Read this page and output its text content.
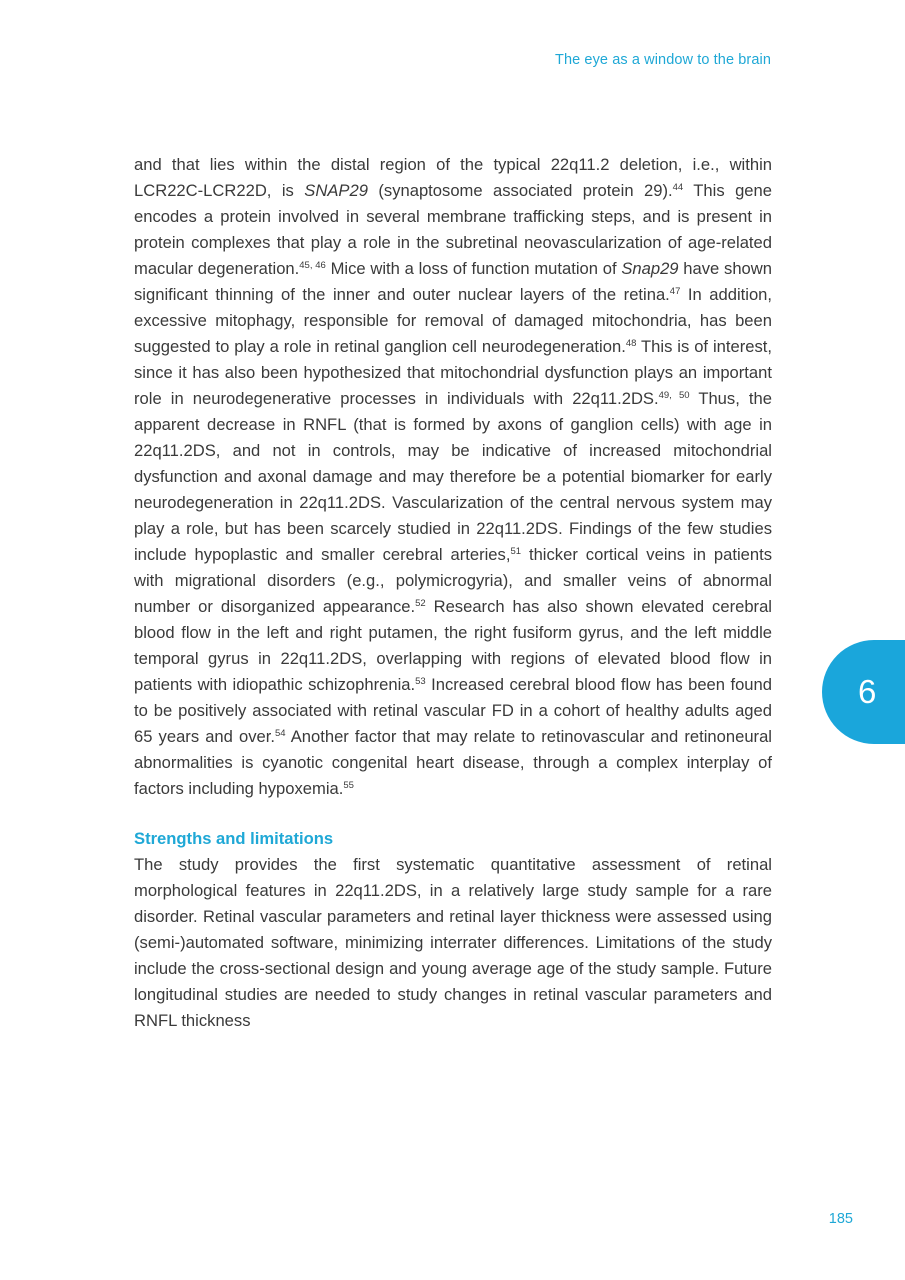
The eye as a window to the brain

and that lies within the distal region of the typical 22q11.2 deletion, i.e., within LCR22C-LCR22D, is SNAP29 (synaptosome associated protein 29).$^{44}$ This gene encodes a protein involved in several membrane trafficking steps, and is present in protein complexes that play a role in the subretinal neovascularization of age-related macular degeneration.$^{45, 46}$ Mice with a loss of function mutation of Snap29 have shown significant thinning of the inner and outer nuclear layers of the retina.$^{47}$ In addition, excessive mitophagy, responsible for removal of damaged mitochondria, has been suggested to play a role in retinal ganglion cell neurodegeneration.$^{48}$ This is of interest, since it has also been hypothesized that mitochondrial dysfunction plays an important role in neurodegenerative processes in individuals with 22q11.2DS.$^{49, 50}$ Thus, the apparent decrease in RNFL (that is formed by axons of ganglion cells) with age in 22q11.2DS, and not in controls, may be indicative of increased mitochondrial dysfunction and axonal damage and may therefore be a potential biomarker for early neurodegeneration in 22q11.2DS. Vascularization of the central nervous system may play a role, but has been scarcely studied in 22q11.2DS. Findings of the few studies include hypoplastic and smaller cerebral arteries,$^{51}$ thicker cortical veins in patients with migrational disorders (e.g., polymicrogyria), and smaller veins of abnormal number or disorganized appearance.$^{52}$ Research has also shown elevated cerebral blood flow in the left and right putamen, the right fusiform gyrus, and the left middle temporal gyrus in 22q11.2DS, overlapping with regions of elevated blood flow in patients with idiopathic schizophrenia.$^{53}$ Increased cerebral blood flow has been found to be positively associated with retinal vascular FD in a cohort of healthy adults aged 65 years and over.$^{54}$ Another factor that may relate to retinovascular and retinoneural abnormalities is cyanotic congenital heart disease, through a complex interplay of factors including hypoxemia.$^{55}$

Strengths and limitations

The study provides the first systematic quantitative assessment of retinal morphological features in 22q11.2DS, in a relatively large study sample for a rare disorder. Retinal vascular parameters and retinal layer thickness were assessed using (semi-)automated software, minimizing interrater differences. Limitations of the study include the cross-sectional design and young average age of the study sample. Future longitudinal studies are needed to study changes in retinal vascular parameters and RNFL thickness

6
185
